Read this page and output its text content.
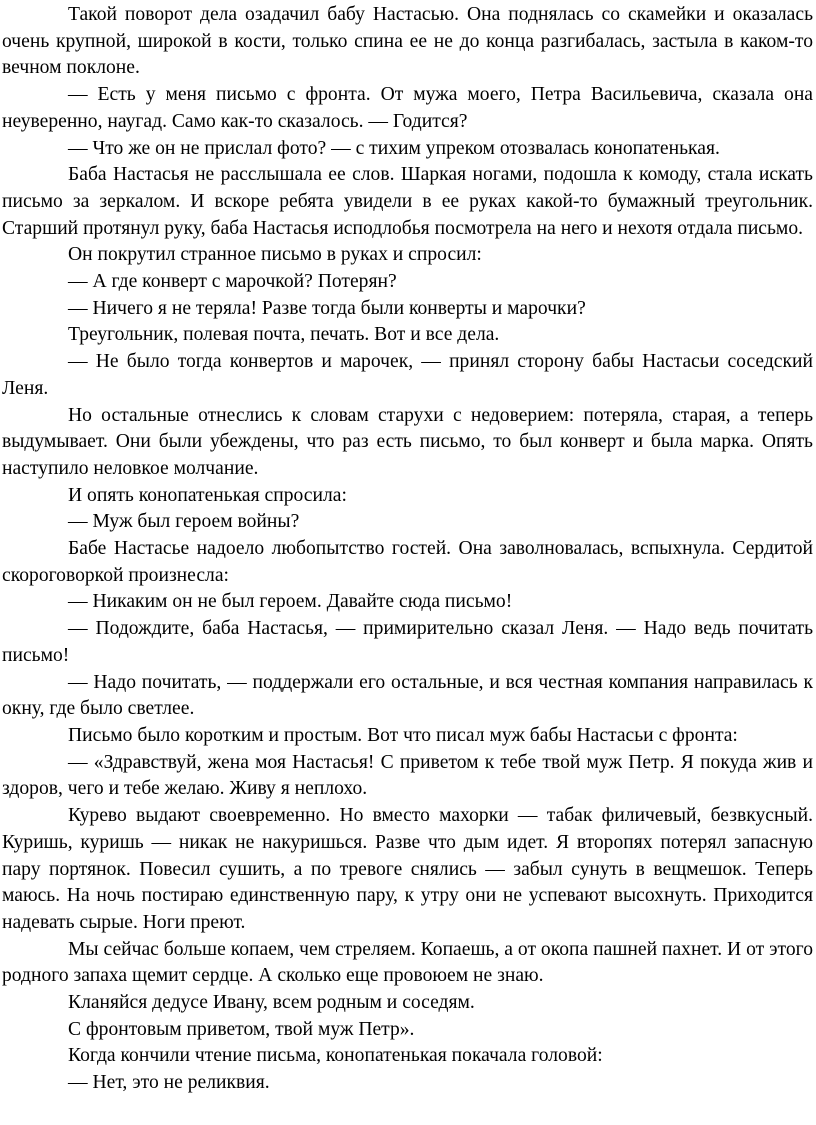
Такой поворот дела озадачил бабу Настасью. Она поднялась со скамейки и оказалась очень крупной, широкой в кости, только спина ее не до конца разгибалась, застыла в каком-то вечном поклоне.

— Есть у меня письмо с фронта. От мужа моего, Петра Васильевича, сказала она неуверенно, наугад. Само как-то сказалось. — Годится?

— Что же он не прислал фото? — с тихим упреком отозвалась конопатенькая.

Баба Настасья не расслышала ее слов. Шаркая ногами, подошла к комоду, стала искать письмо за зеркалом. И вскоре ребята увидели в ее руках какой-то бумажный треугольник. Старший протянул руку, баба Настасья исподлобья посмотрела на него и нехотя отдала письмо.

Он покрутил странное письмо в руках и спросил:

— А где конверт с марочкой? Потерян?

— Ничего я не теряла! Разве тогда были конверты и марочки?

Треугольник, полевая почта, печать. Вот и все дела.

— Не было тогда конвертов и марочек, — принял сторону бабы Настасьи соседский Леня.

Но остальные отнеслись к словам старухи с недоверием: потеряла, старая, а теперь выдумывает. Они были убеждены, что раз есть письмо, то был конверт и была марка. Опять наступило неловкое молчание.

И опять конопатенькая спросила:

— Муж был героем войны?

Бабе Настасье надоело любопытство гостей. Она заволновалась, вспыхнула. Сердитой скороговоркой произнесла:

— Никаким он не был героем. Давайте сюда письмо!

— Подождите, баба Настасья, — примирительно сказал Леня. — Надо ведь почитать письмо!

— Надо почитать, — поддержали его остальные, и вся честная компания направилась к окну, где было светлее.

Письмо было коротким и простым. Вот что писал муж бабы Настасьи с фронта:

— «Здравствуй, жена моя Настасья! С приветом к тебе твой муж Петр. Я покуда жив и здоров, чего и тебе желаю. Живу я неплохо.

Курево выдают своевременно. Но вместо махорки — табак филичевый, безвкусный. Куришь, куришь — никак не накуришься. Разве что дым идет. Я второпях потерял запасную пару портянок. Повесил сушить, а по тревоге снялись — забыл сунуть в вещмешок. Теперь маюсь. На ночь постираю единственную пару, к утру они не успевают высохнуть. Приходится надевать сырые. Ноги преют.

Мы сейчас больше копаем, чем стреляем. Копаешь, а от окопа пашней пахнет. И от этого родного запаха щемит сердце. А сколько еще провоюем не знаю.

Кланяйся дедусе Ивану, всем родным и соседям.

С фронтовым приветом, твой муж Петр».

Когда кончили чтение письма, конопатенькая покачала головой:

— Нет, это не реликвия.
